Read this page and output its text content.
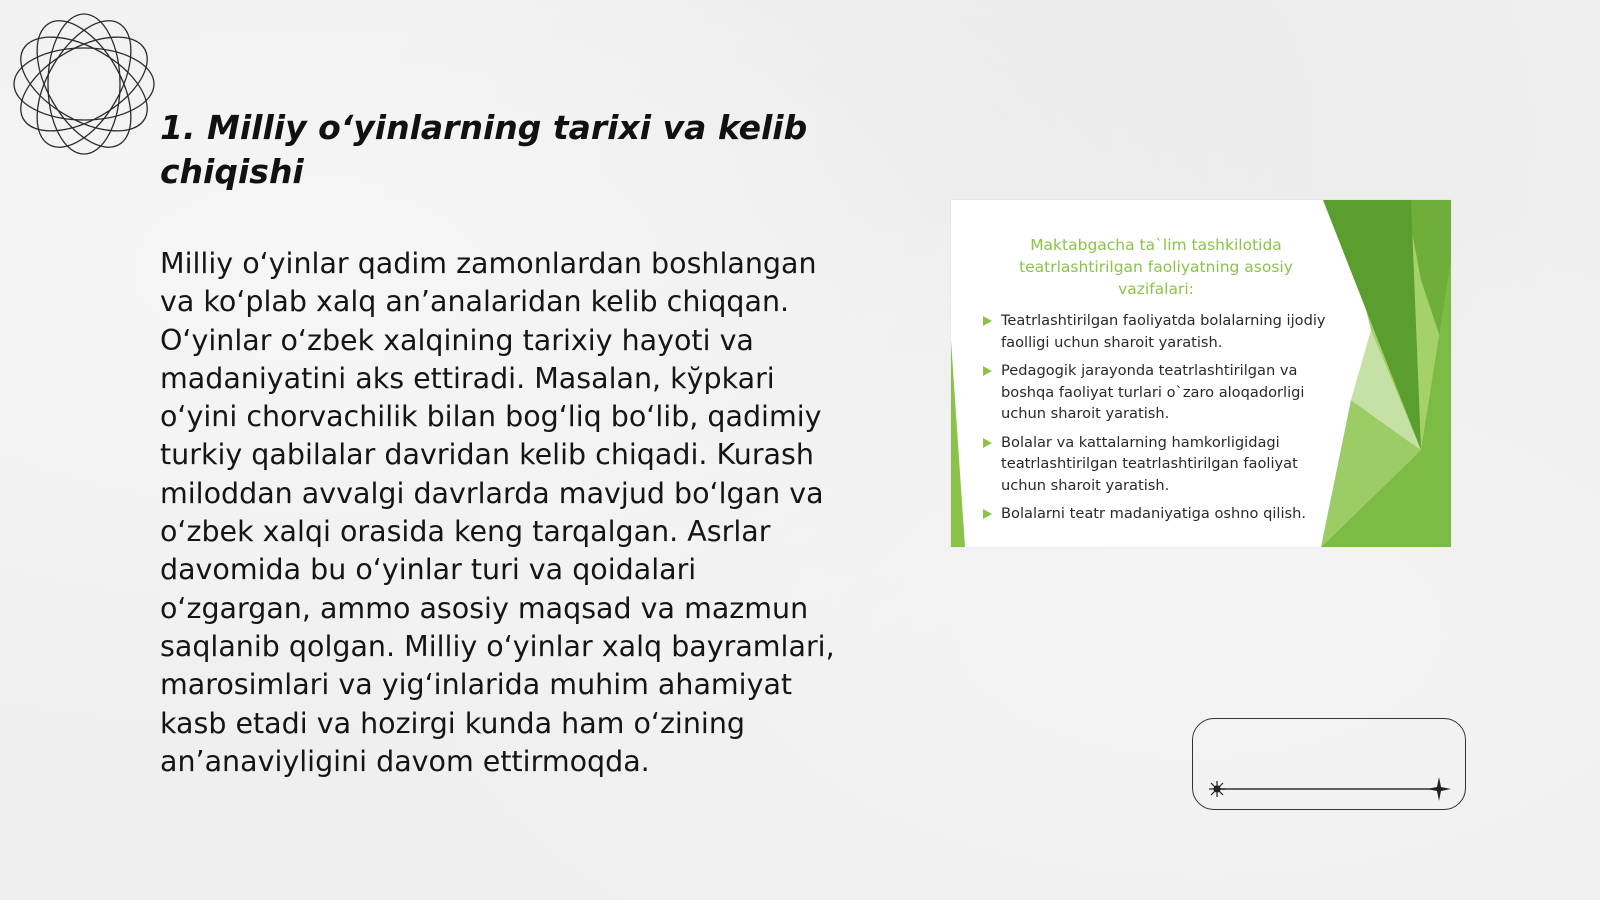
1. Milliy o‘yinlarning tarixi va kelib chiqishi

Milliy o‘yinlar qadim zamonlardan boshlangan va ko‘plab xalq an’analaridan kelib chiqqan. O‘yinlar o‘zbek xalqining tarixiy hayoti va madaniyatini aks ettiradi. Masalan, kўpkari o‘yini chorvachilik bilan bog‘liq bo‘lib, qadimiy turkiy qabilalar davridan kelib chiqadi. Kurash miloddan avvalgi davrlarda mavjud bo‘lgan va o‘zbek xalqi orasida keng tarqalgan. Asrlar davomida bu o‘yinlar turi va qoidalari o‘zgargan, ammo asosiy maqsad va mazmun saqlanib qolgan. Milliy o‘yinlar xalq bayramlari, marosimlari va yig‘inlarida muhim ahamiyat kasb etadi va hozirgi kunda ham o‘zining an’anaviyligini davom ettirmoqda.

Maktabgacha ta`lim tashkilotida teatrlashtirilgan faoliyatning asosiy vazifalari:

Teatrlashtirilgan faoliyatda bolalarning ijodiy faolligi uchun sharoit yaratish.
Pedagogik jarayonda teatrlashtirilgan va boshqa faoliyat turlari o`zaro aloqadorligi uchun sharoit yaratish.
Bolalar va kattalarning hamkorligidagi teatrlashtirilgan teatrlashtirilgan faoliyat uchun sharoit yaratish.
Bolalarni teatr madaniyatiga oshno qilish.
